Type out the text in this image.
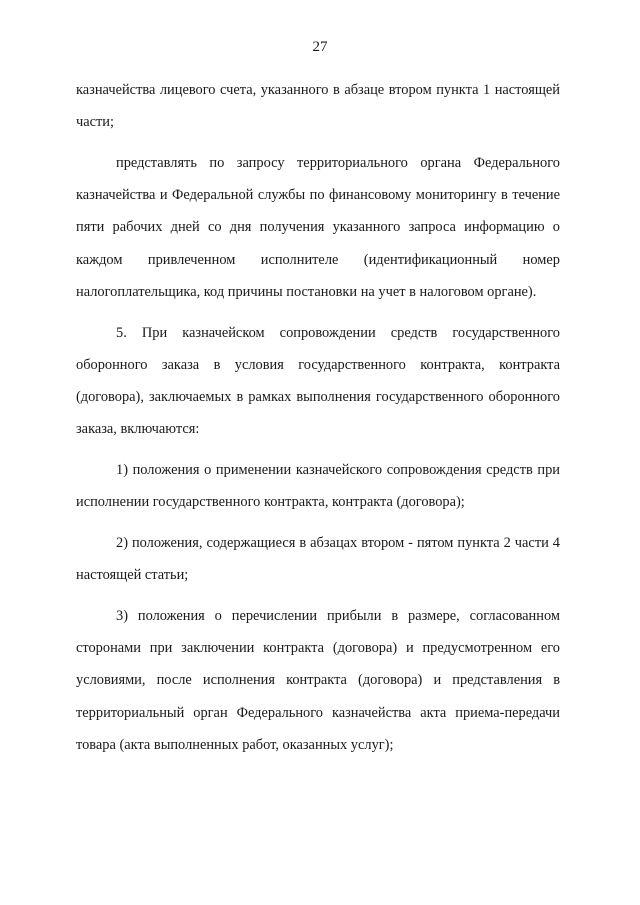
27

казначейства лицевого счета, указанного в абзаце втором пункта 1 настоящей части;

представлять по запросу территориального органа Федерального казначейства и Федеральной службы по финансовому мониторингу в течение пяти рабочих дней со дня получения указанного запроса информацию о каждом привлеченном исполнителе (идентификационный номер налогоплательщика, код причины постановки на учет в налоговом органе).

5. При казначейском сопровождении средств государственного оборонного заказа в условия государственного контракта, контракта (договора), заключаемых в рамках выполнения государственного оборонного заказа, включаются:

1) положения о применении казначейского сопровождения средств при исполнении государственного контракта, контракта (договора);

2) положения, содержащиеся в абзацах втором - пятом пункта 2 части 4 настоящей статьи;

3) положения о перечислении прибыли в размере, согласованном сторонами при заключении контракта (договора) и предусмотренном его условиями, после исполнения контракта (договора) и представления в территориальный орган Федерального казначейства акта приема-передачи товара (акта выполненных работ, оказанных услуг);
